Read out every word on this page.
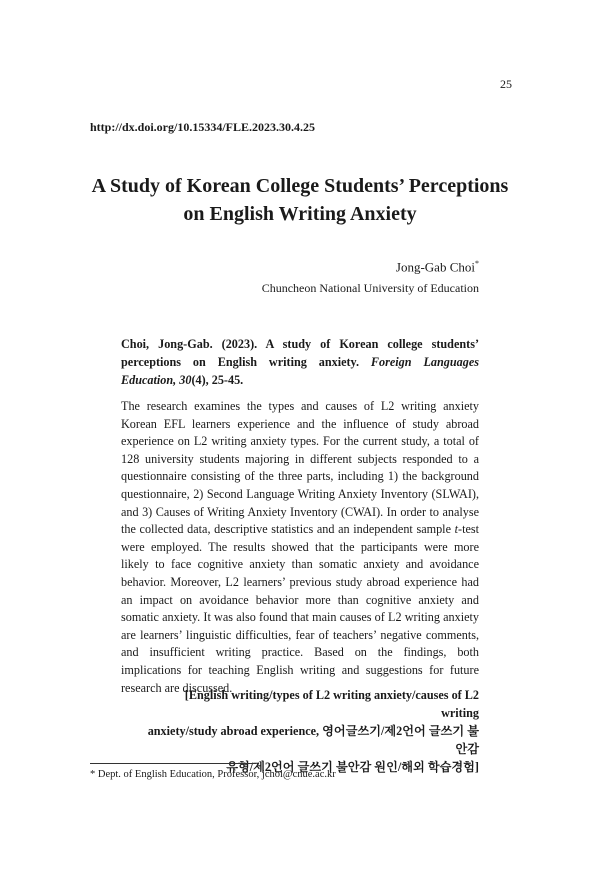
25
http://dx.doi.org/10.15334/FLE.2023.30.4.25
A Study of Korean College Students’ Perceptions
on English Writing Anxiety
Jong-Gab Choi*
Chuncheon National University of Education

Choi, Jong-Gab. (2023). A study of Korean college students’ perceptions on English writing anxiety. Foreign Languages Education, 30(4), 25-45.

The research examines the types and causes of L2 writing anxiety Korean EFL learners experience and the influence of study abroad experience on L2 writing anxiety types. For the current study, a total of 128 university students majoring in different subjects responded to a questionnaire consisting of the three parts, including 1) the background questionnaire, 2) Second Language Writing Anxiety Inventory (SLWAI), and 3) Causes of Writing Anxiety Inventory (CWAI). In order to analyse the collected data, descriptive statistics and an independent sample t-test were employed. The results showed that the participants were more likely to face cognitive anxiety than somatic anxiety and avoidance behavior. Moreover, L2 learners’ previous study abroad experience had an impact on avoidance behavior more than cognitive anxiety and somatic anxiety. It was also found that main causes of L2 writing anxiety are learners’ linguistic difficulties, fear of teachers’ negative comments, and insufficient writing practice. Based on the findings, both implications for teaching English writing and suggestions for future research are discussed.

[English writing/types of L2 writing anxiety/causes of L2 writing
anxiety/study abroad experience, 영어글쓰기/제2언어 글쓰기 불안감
유형/제2언어 글쓰기 불안감 원인/해외 학습경험]

* Dept. of English Education, Professor, jchoi@cnue.ac.kr
